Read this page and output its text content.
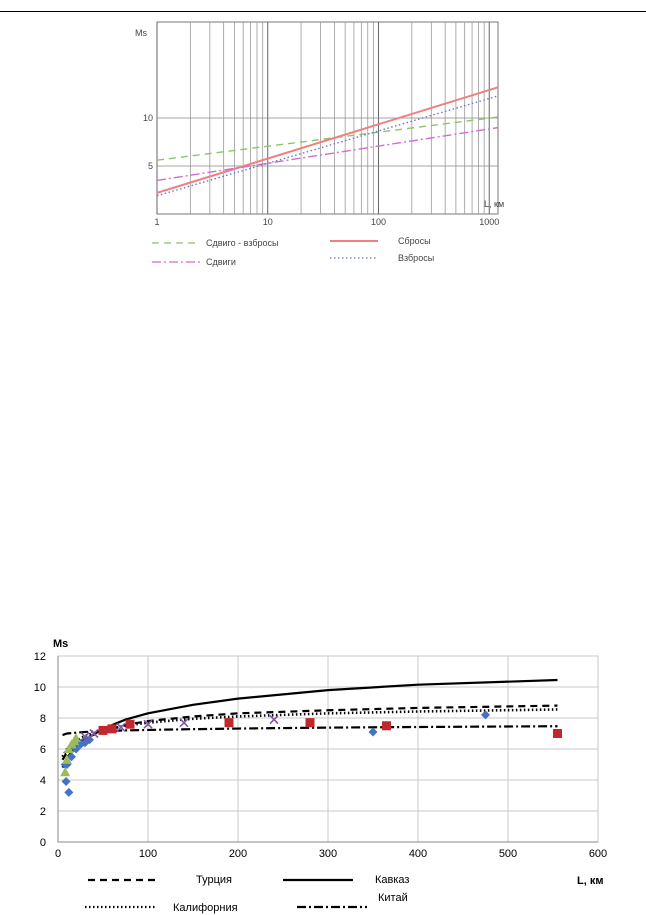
1	10	100	1000
5
10
Ms
L, км
Сдвиго - взбросы	Сбросы
Сдвиги	Взбросы
0	100	200	300	400	500	600
0
2
4
6
8
10
12
Ms
L, км
Турция	Кавказ
Калифорния
Китай
